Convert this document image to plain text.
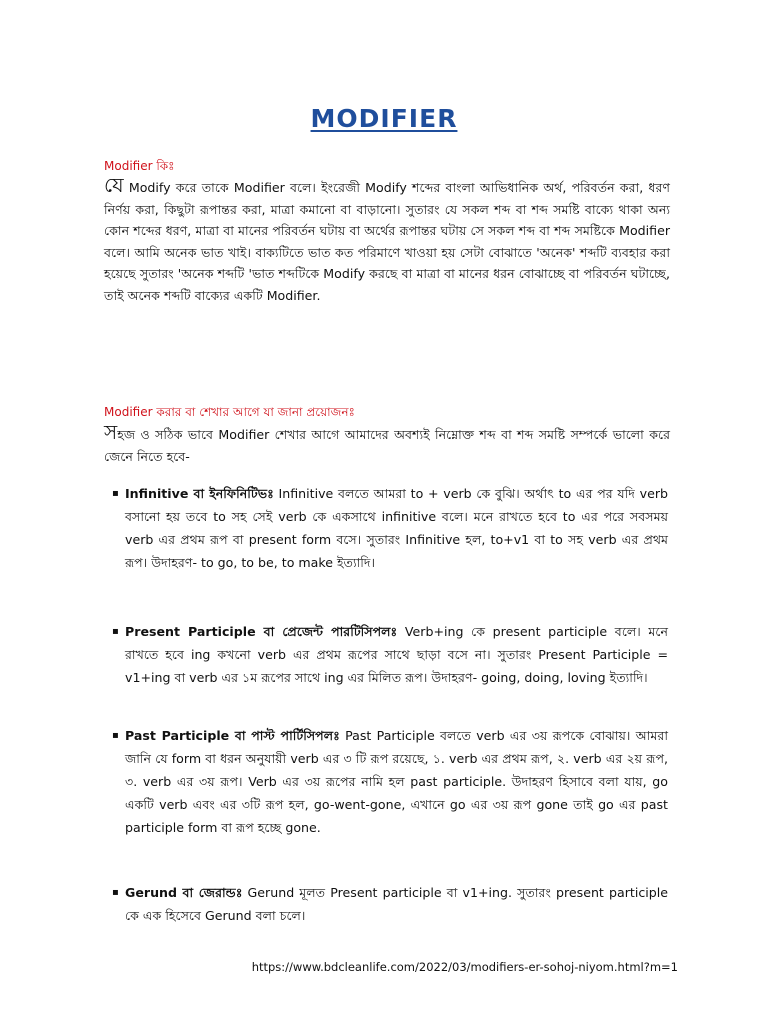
MODIFIER
Modifier কিঃ

যে Modify করে তাকে Modifier বলে। ইংরেজী Modify শব্দের বাংলা আভিধানিক অর্থ, পরিবর্তন করা, ধরণ নির্ণয় করা, কিছুটা রূপান্তর করা, মাত্রা কমানো বা বাড়ানো। সুতারং যে সকল শব্দ বা শব্দ সমষ্টি বাক্যে থাকা অন্য কোন শব্দের ধরণ, মাত্রা বা মানের পরিবর্তন ঘটায় বা অর্থের রূপান্তর ঘটায় সে সকল শব্দ বা শব্দ সমষ্টিকে Modifier বলে। আমি অনেক ভাত খাই। বাক্যটিতে ভাত কত পরিমাণে খাওয়া হয় সেটা বোঝাতে 'অনেক' শব্দটি ব্যবহার করা হয়েছে সুতারং 'অনেক শব্দটি 'ভাত শব্দটিকে Modify করছে বা মাত্রা বা মানের ধরন বোঝাচ্ছে বা পরিবর্তন ঘটাচ্ছে, তাই অনেক শব্দটি বাক্যের একটি Modifier.

Modifier করার বা শেখার আগে যা জানা প্রয়োজনঃ

সহজ ও সঠিক ভাবে Modifier শেখার আগে আমাদের অবশ্যই নিম্নোক্ত শব্দ বা শব্দ সমষ্টি সম্পর্কে ভালো করে জেনে নিতে হবে-

▪ Infinitive বা ইনফিনিটিভঃ Infinitive বলতে আমরা to + verb কে বুঝি। অর্থাৎ to এর পর যদি verb বসানো হয় তবে to সহ সেই verb কে একসাথে infinitive বলে। মনে রাখতে হবে to এর পরে সবসময় verb এর প্রথম রূপ বা present form বসে। সুতারং Infinitive হল, to+v1 বা to সহ verb এর প্রথম রূপ। উদাহরণ- to go, to be, to make ইত্যাদি।

▪ Present Participle বা প্রেজেন্ট পারটিসিপলঃ Verb+ing কে present participle বলে। মনে রাখতে হবে ing কখনো verb এর প্রথম রূপের সাথে ছাড়া বসে না। সুতারং Present Participle = v1+ing বা verb এর ১ম রূপের সাথে ing এর মিলিত রূপ। উদাহরণ- going, doing, loving ইত্যাদি।

▪ Past Participle বা পাস্ট পার্টিসিপলঃ Past Participle বলতে verb এর ৩য় রূপকে বোঝায়। আমরা জানি যে form বা ধরন অনুযায়ী verb এর ৩ টি রূপ রয়েছে, ১. verb এর প্রথম রূপ, ২. verb এর ২য় রূপ, ৩. verb এর ৩য় রূপ। Verb এর ৩য় রূপের নামি হল past participle. উদাহরণ হিসাবে বলা যায়, go একটি verb এবং এর ৩টি রূপ হল, go-went-gone, এখানে go এর ৩য় রূপ gone তাই go এর past participle form বা রূপ হচ্ছে gone.

▪ Gerund বা জেরান্ডঃ Gerund মূলত Present participle বা v1+ing. সুতারং present participle কে এক হিসেবে Gerund বলা চলে।

https://www.bdcleanlife.com/2022/03/modifiers-er-sohoj-niyom.html?m=1
